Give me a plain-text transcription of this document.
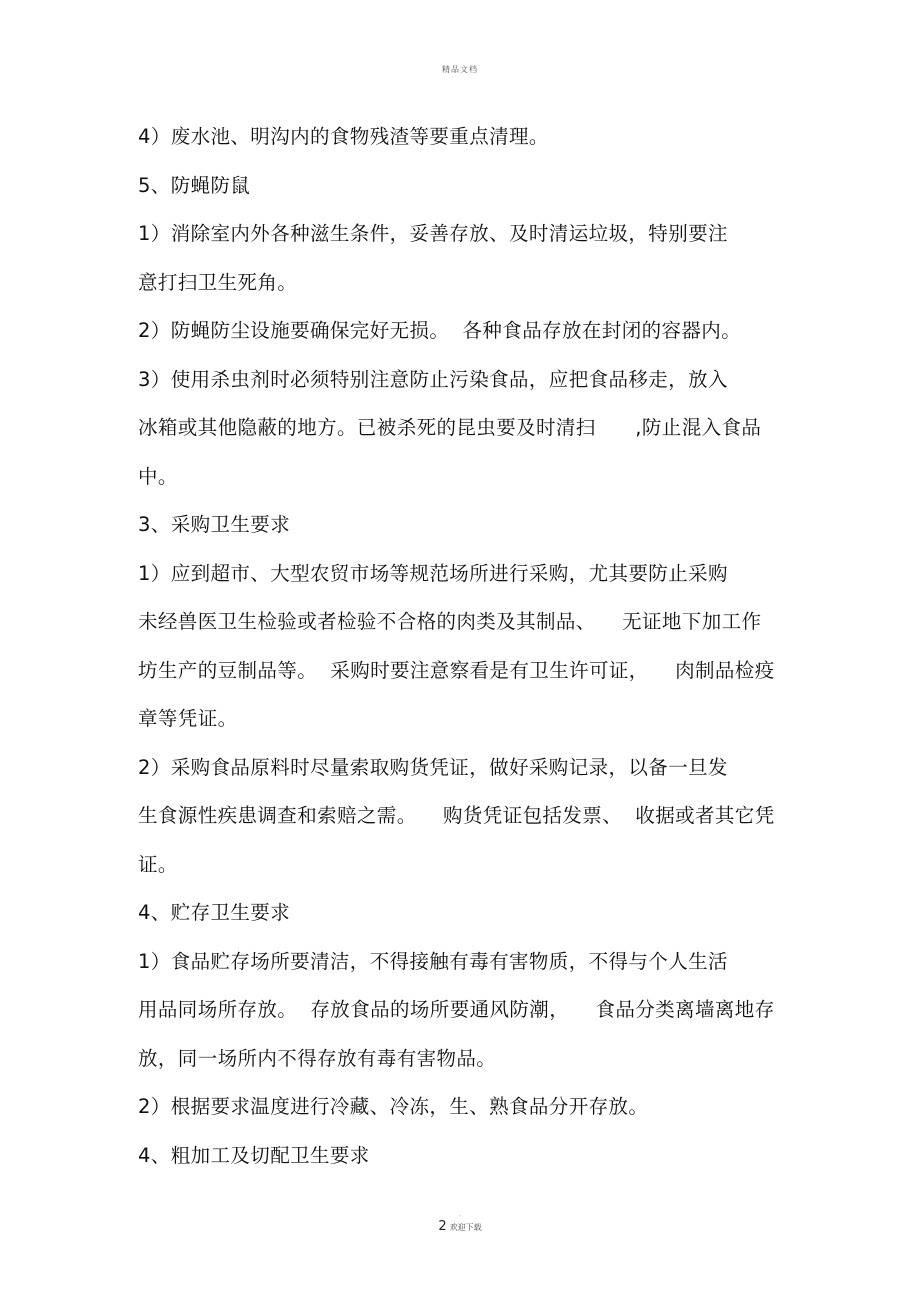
精品文档
4）废水池、明沟内的食物残渣等要重点清理。
5、防蝇防鼠
1）消除室内外各种滋生条件，妥善存放、及时清运垃圾，特别要注
意打扫卫生死角。
2）防蝇防尘设施要确保完好无损。  各种食品存放在封闭的容器内。
3）使用杀虫剂时必须特别注意防止污染食品，应把食品移走，放入
冰箱或其他隐蔽的地方。已被杀死的昆虫要及时清扫      ,防止混入食品
中。
3、采购卫生要求
1）应到超市、大型农贸市场等规范场所进行采购，尤其要防止采购
未经兽医卫生检验或者检验不合格的肉类及其制品、    无证地下加工作
坊生产的豆制品等。  采购时要注意察看是有卫生许可证，    肉制品检疫
章等凭证。
2）采购食品原料时尽量索取购货凭证，做好采购记录，以备一旦发
生食源性疾患调查和索赔之需。    购货凭证包括发票、  收据或者其它凭
证。
4、贮存卫生要求
1）食品贮存场所要清洁，不得接触有毒有害物质，不得与个人生活
用品同场所存放。  存放食品的场所要通风防潮，    食品分类离墙离地存
放，同一场所内不得存放有毒有害物品。
2）根据要求温度进行冷藏、冷冻，生、熟食品分开存放。
4、粗加工及切配卫生要求
.
2 欢迎下载
